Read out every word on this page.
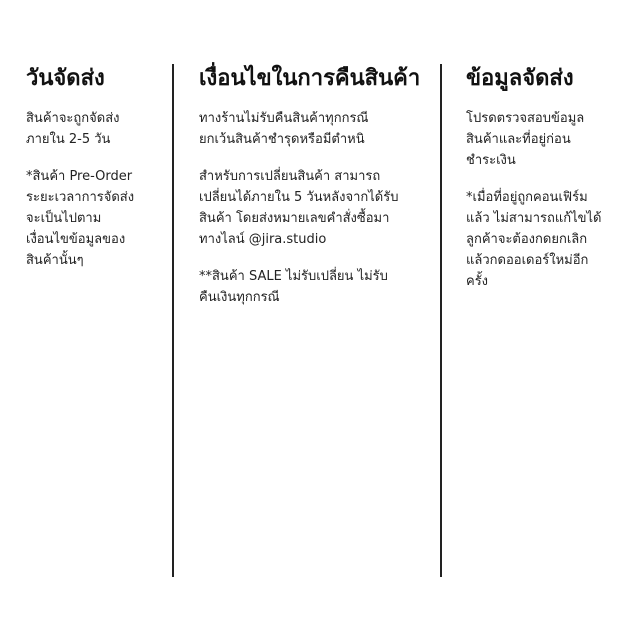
วันจัดส่ง

สินค้าจะถูกจัดส่ง
ภายใน 2-5 วัน

*สินค้า Pre-Order
ระยะเวลาการจัดส่ง
จะเป็นไปตาม
เงื่อนไขข้อมูลของ
สินค้านั้นๆ

เงื่อนไขในการคืนสินค้า

ทางร้านไม่รับคืนสินค้าทุกกรณี
ยกเว้นสินค้าชำรุดหรือมีตำหนิ

สำหรับการเปลี่ยนสินค้า สามารถ
เปลี่ยนได้ภายใน 5 วันหลังจากได้รับ
สินค้า โดยส่งหมายเลขคำสั่งซื้อมา
ทางไลน์ @jira.studio

**สินค้า SALE ไม่รับเปลี่ยน ไม่รับ
คืนเงินทุกกรณี

ข้อมูลจัดส่ง

โปรดตรวจสอบข้อมูล
สินค้าและที่อยู่ก่อน
ชำระเงิน

*เมื่อที่อยู่ถูกคอนเฟิร์ม
แล้ว ไม่สามารถแก้ไขได้
ลูกค้าจะต้องกดยกเลิก
แล้วกดออเดอร์ใหม่อีก
ครั้ง
